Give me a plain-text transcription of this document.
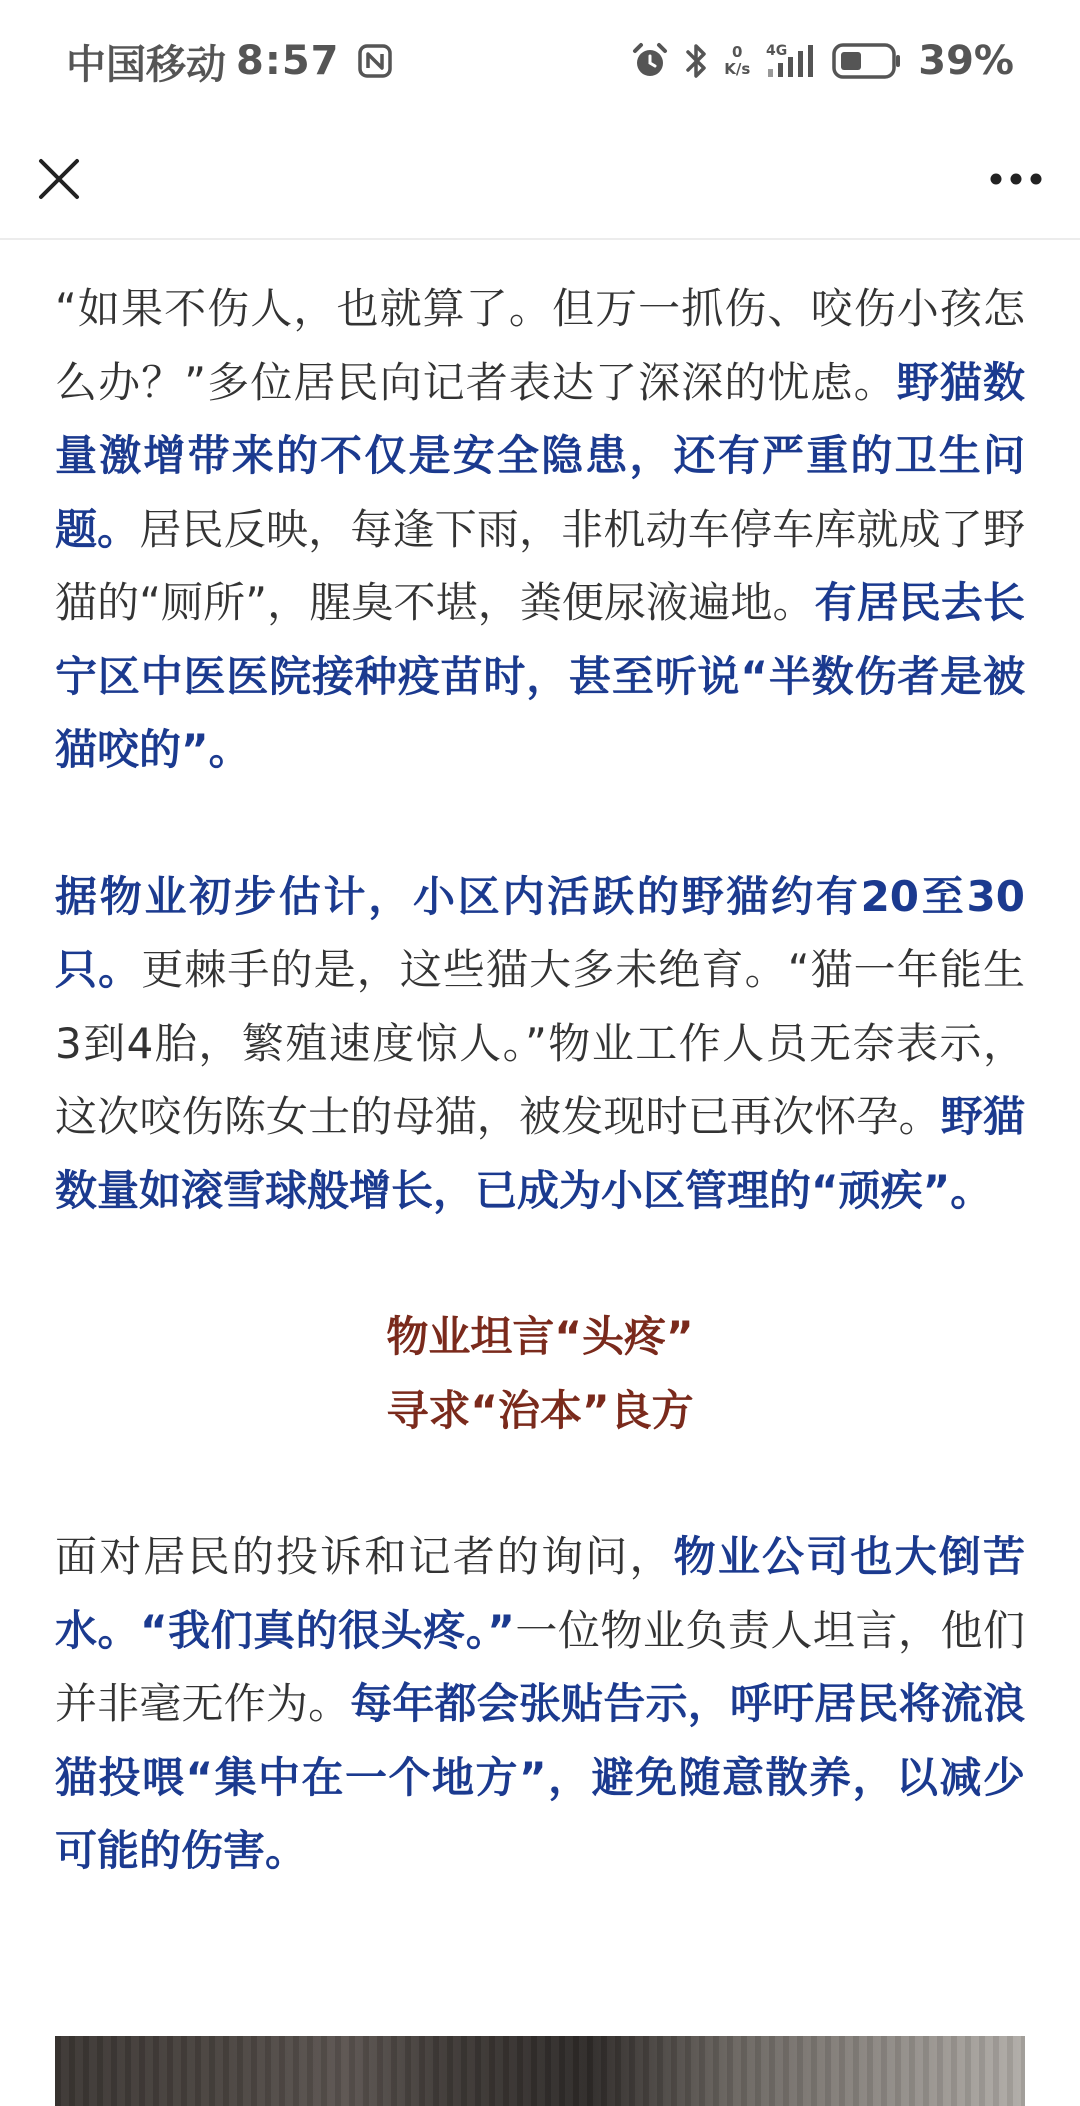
中国移动 8:57	0
K/s
4G	39%

“如果不伤人，也就算了。但万一抓伤、咬伤小孩怎么办？”多位居民向记者表达了深深的忧虑。野猫数量激增带来的不仅是安全隐患，还有严重的卫生问题。居民反映，每逢下雨，非机动车停车库就成了野猫的“厕所”，腥臭不堪，粪便尿液遍地。有居民去长宁区中医医院接种疫苗时，甚至听说“半数伤者是被猫咬的”。

据物业初步估计，小区内活跃的野猫约有20至30只。更棘手的是，这些猫大多未绝育。“猫一年能生3到4胎，繁殖速度惊人。”物业工作人员无奈表示，这次咬伤陈女士的母猫，被发现时已再次怀孕。野猫数量如滚雪球般增长，已成为小区管理的“顽疾”。

物业坦言“头疼”
寻求“治本”良方

面对居民的投诉和记者的询问，物业公司也大倒苦水。“我们真的很头疼。”一位物业负责人坦言，他们并非毫无作为。每年都会张贴告示，呼吁居民将流浪猫投喂“集中在一个地方”，避免随意散养，以减少可能的伤害。
